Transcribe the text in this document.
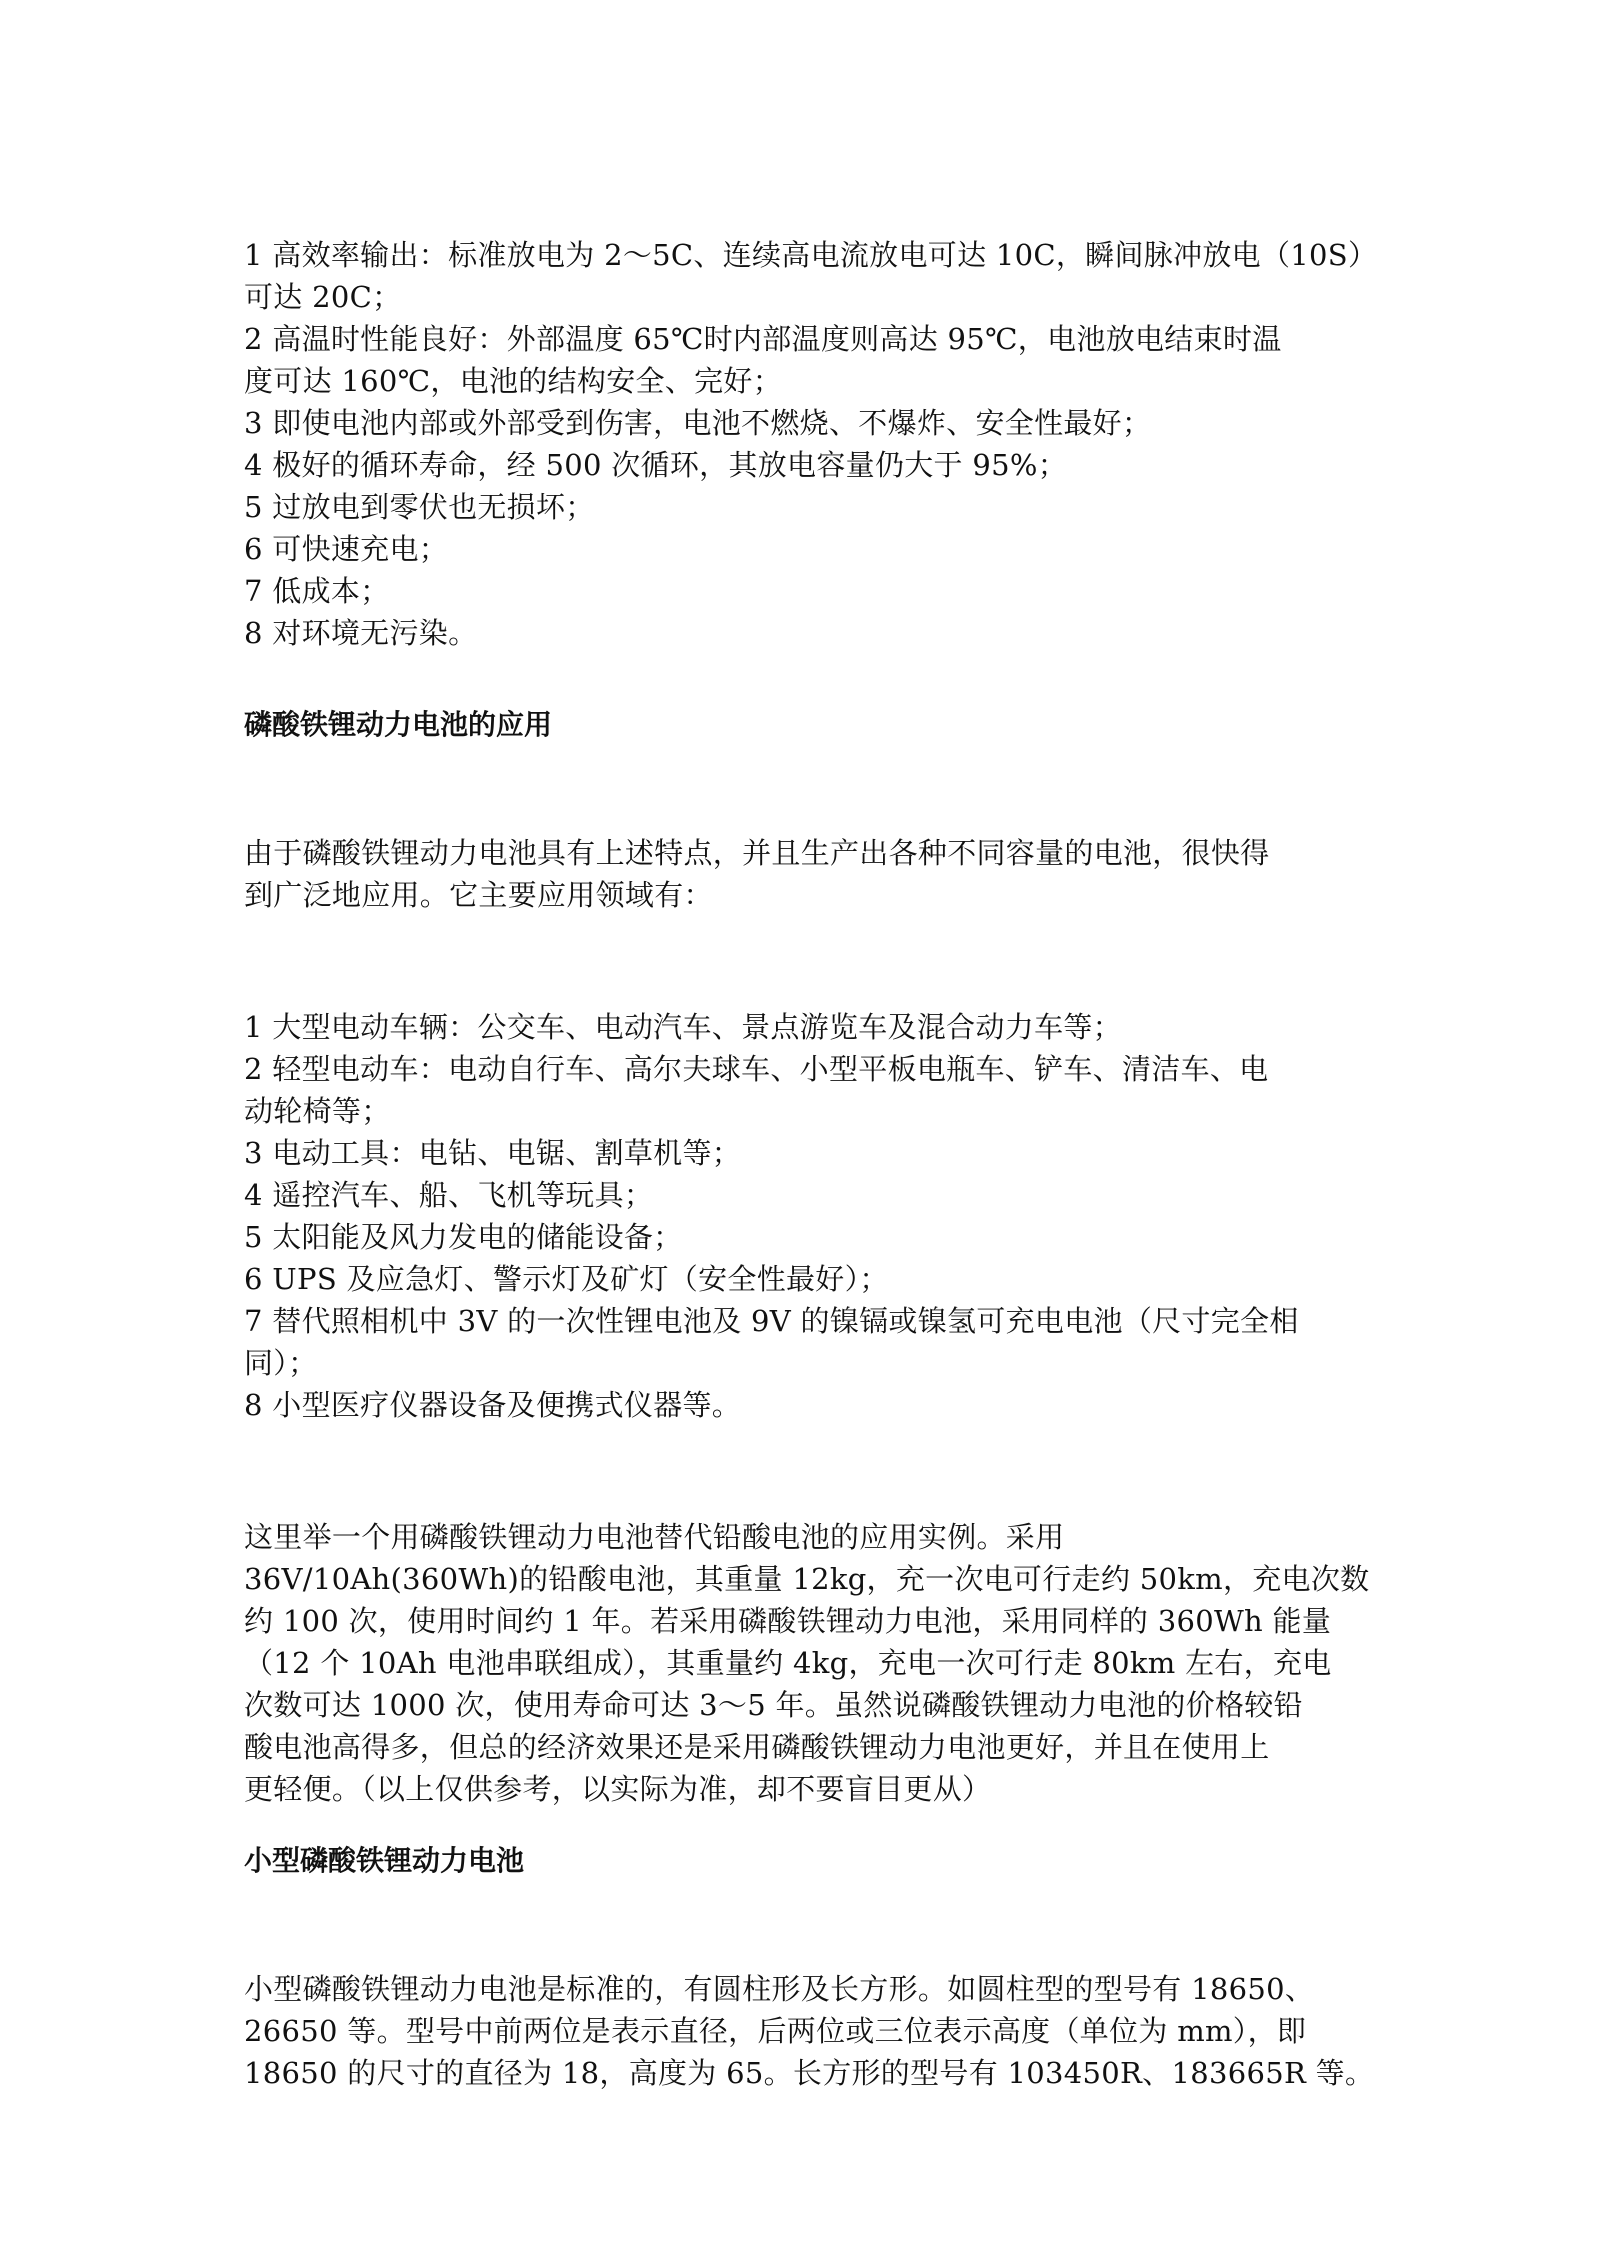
1 高效率输出：标准放电为 2～5C、连续高电流放电可达 10C，瞬间脉冲放电（10S）
可达 20C；
2 高温时性能良好：外部温度 65℃时内部温度则高达 95℃，电池放电结束时温
度可达 160℃，电池的结构安全、完好；
3 即使电池内部或外部受到伤害，电池不燃烧、不爆炸、安全性最好；
4 极好的循环寿命，经 500 次循环，其放电容量仍大于 95%；
5 过放电到零伏也无损坏；
6 可快速充电；
7 低成本；
8 对环境无污染。
磷酸铁锂动力电池的应用
由于磷酸铁锂动力电池具有上述特点，并且生产出各种不同容量的电池，很快得
到广泛地应用。它主要应用领域有：
1 大型电动车辆：公交车、电动汽车、景点游览车及混合动力车等；
2 轻型电动车：电动自行车、高尔夫球车、小型平板电瓶车、铲车、清洁车、电
动轮椅等；
3 电动工具：电钻、电锯、割草机等；
4 遥控汽车、船、飞机等玩具；
5 太阳能及风力发电的储能设备；
6 UPS 及应急灯、警示灯及矿灯（安全性最好）；
7 替代照相机中 3V 的一次性锂电池及 9V 的镍镉或镍氢可充电电池（尺寸完全相
同）；
8 小型医疗仪器设备及便携式仪器等。
这里举一个用磷酸铁锂动力电池替代铅酸电池的应用实例。采用
36V/10Ah(360Wh)的铅酸电池，其重量 12kg，充一次电可行走约 50km，充电次数
约 100 次，使用时间约 1 年。若采用磷酸铁锂动力电池，采用同样的 360Wh 能量
（12 个 10Ah 电池串联组成），其重量约 4kg，充电一次可行走 80km 左右，充电
次数可达 1000 次，使用寿命可达 3～5 年。虽然说磷酸铁锂动力电池的价格较铅
酸电池高得多，但总的经济效果还是采用磷酸铁锂动力电池更好，并且在使用上
更轻便。（以上仅供参考，以实际为准，却不要盲目更从）
小型磷酸铁锂动力电池
小型磷酸铁锂动力电池是标准的，有圆柱形及长方形。如圆柱型的型号有 18650、
26650 等。型号中前两位是表示直径，后两位或三位表示高度（单位为 mm），即
18650 的尺寸的直径为 18，高度为 65。长方形的型号有 103450R、183665R 等。
